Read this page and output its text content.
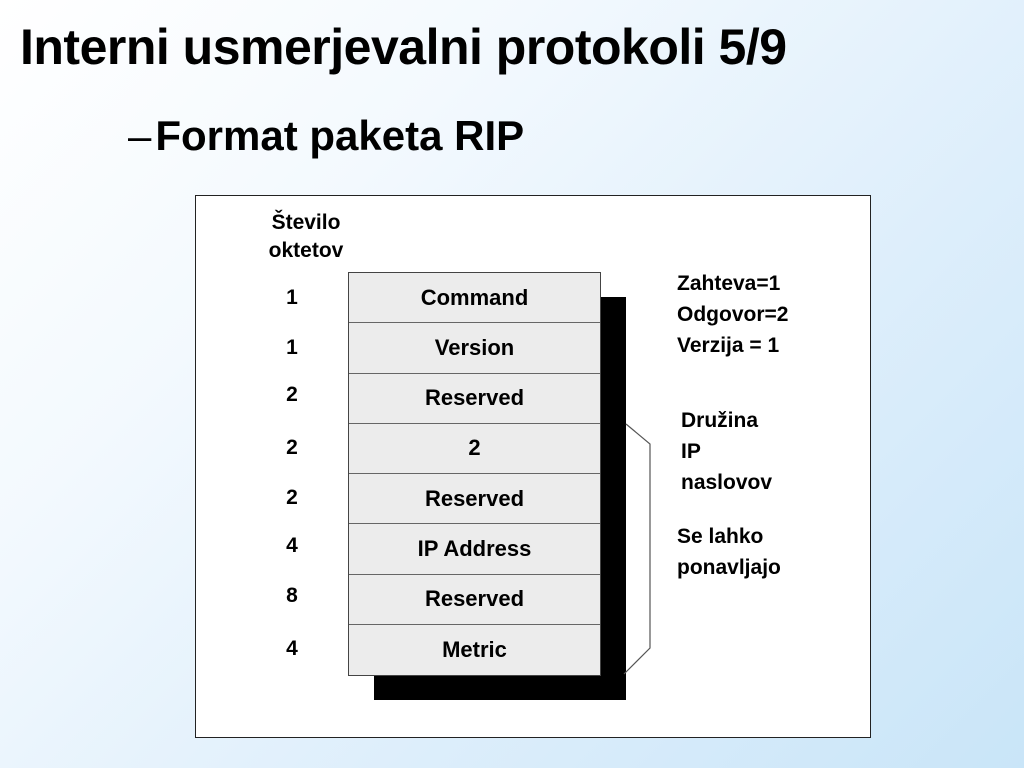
Interni usmerjevalni protokoli 5/9
–Format paketa RIP
Število
oktetov
Command
Version
Reserved
2
Reserved
IP Address
Reserved
Metric
1
1
2
2
2
4
8
4
Zahteva=1
Odgovor=2
Verzija = 1
Družina
IP
naslovov
Se lahko
ponavljajo
